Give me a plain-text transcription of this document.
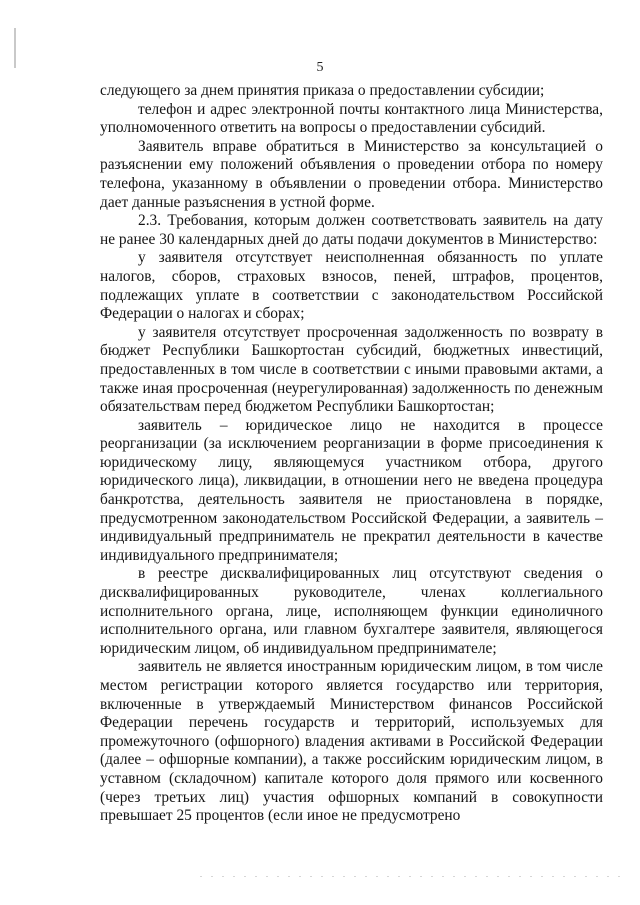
5

следующего за днем принятия приказа о предоставлении субсидии;

телефон и адрес электронной почты контактного лица Министерства, уполномоченного ответить на вопросы о предоставлении субсидий.

Заявитель вправе обратиться в Министерство за консультацией о разъяснении ему положений объявления о проведении отбора по номеру телефона, указанному в объявлении о проведении отбора. Министерство дает данные разъяснения в устной форме.

2.3. Требования, которым должен соответствовать заявитель на дату не ранее 30 календарных дней до даты подачи документов в Министерство:

у заявителя отсутствует неисполненная обязанность по уплате налогов, сборов, страховых взносов, пеней, штрафов, процентов, подлежащих уплате в соответствии с законодательством Российской Федерации о налогах и сборах;

у заявителя отсутствует просроченная задолженность по возврату в бюджет Республики Башкортостан субсидий, бюджетных инвестиций, предоставленных в том числе в соответствии с иными правовыми актами, а также иная просроченная (неурегулированная) задолженность по денежным обязательствам перед бюджетом Республики Башкортостан;

заявитель – юридическое лицо не находится в процессе реорганизации (за исключением реорганизации в форме присоединения к юридическому лицу, являющемуся участником отбора, другого юридического лица), ликвидации, в отношении него не введена процедура банкротства, деятельность заявителя не приостановлена в порядке, предусмотренном законодательством Российской Федерации, а заявитель – индивидуальный предприниматель не прекратил деятельности в качестве индивидуального предпринимателя;

в реестре дисквалифицированных лиц отсутствуют сведения о дисквалифицированных руководителе, членах коллегиального исполнительного органа, лице, исполняющем функции единоличного исполнительного органа, или главном бухгалтере заявителя, являющегося юридическим лицом, об индивидуальном предпринимателе;

заявитель не является иностранным юридическим лицом, в том числе местом регистрации которого является государство или территория, включенные в утверждаемый Министерством финансов Российской Федерации перечень государств и территорий, используемых для промежуточного (офшорного) владения активами в Российской Федерации (далее – офшорные компании), а также российским юридическим лицом, в уставном (складочном) капитале которого доля прямого или косвенного (через третьих лиц) участия офшорных компаний в совокупности превышает 25 процентов (если иное не предусмотрено
